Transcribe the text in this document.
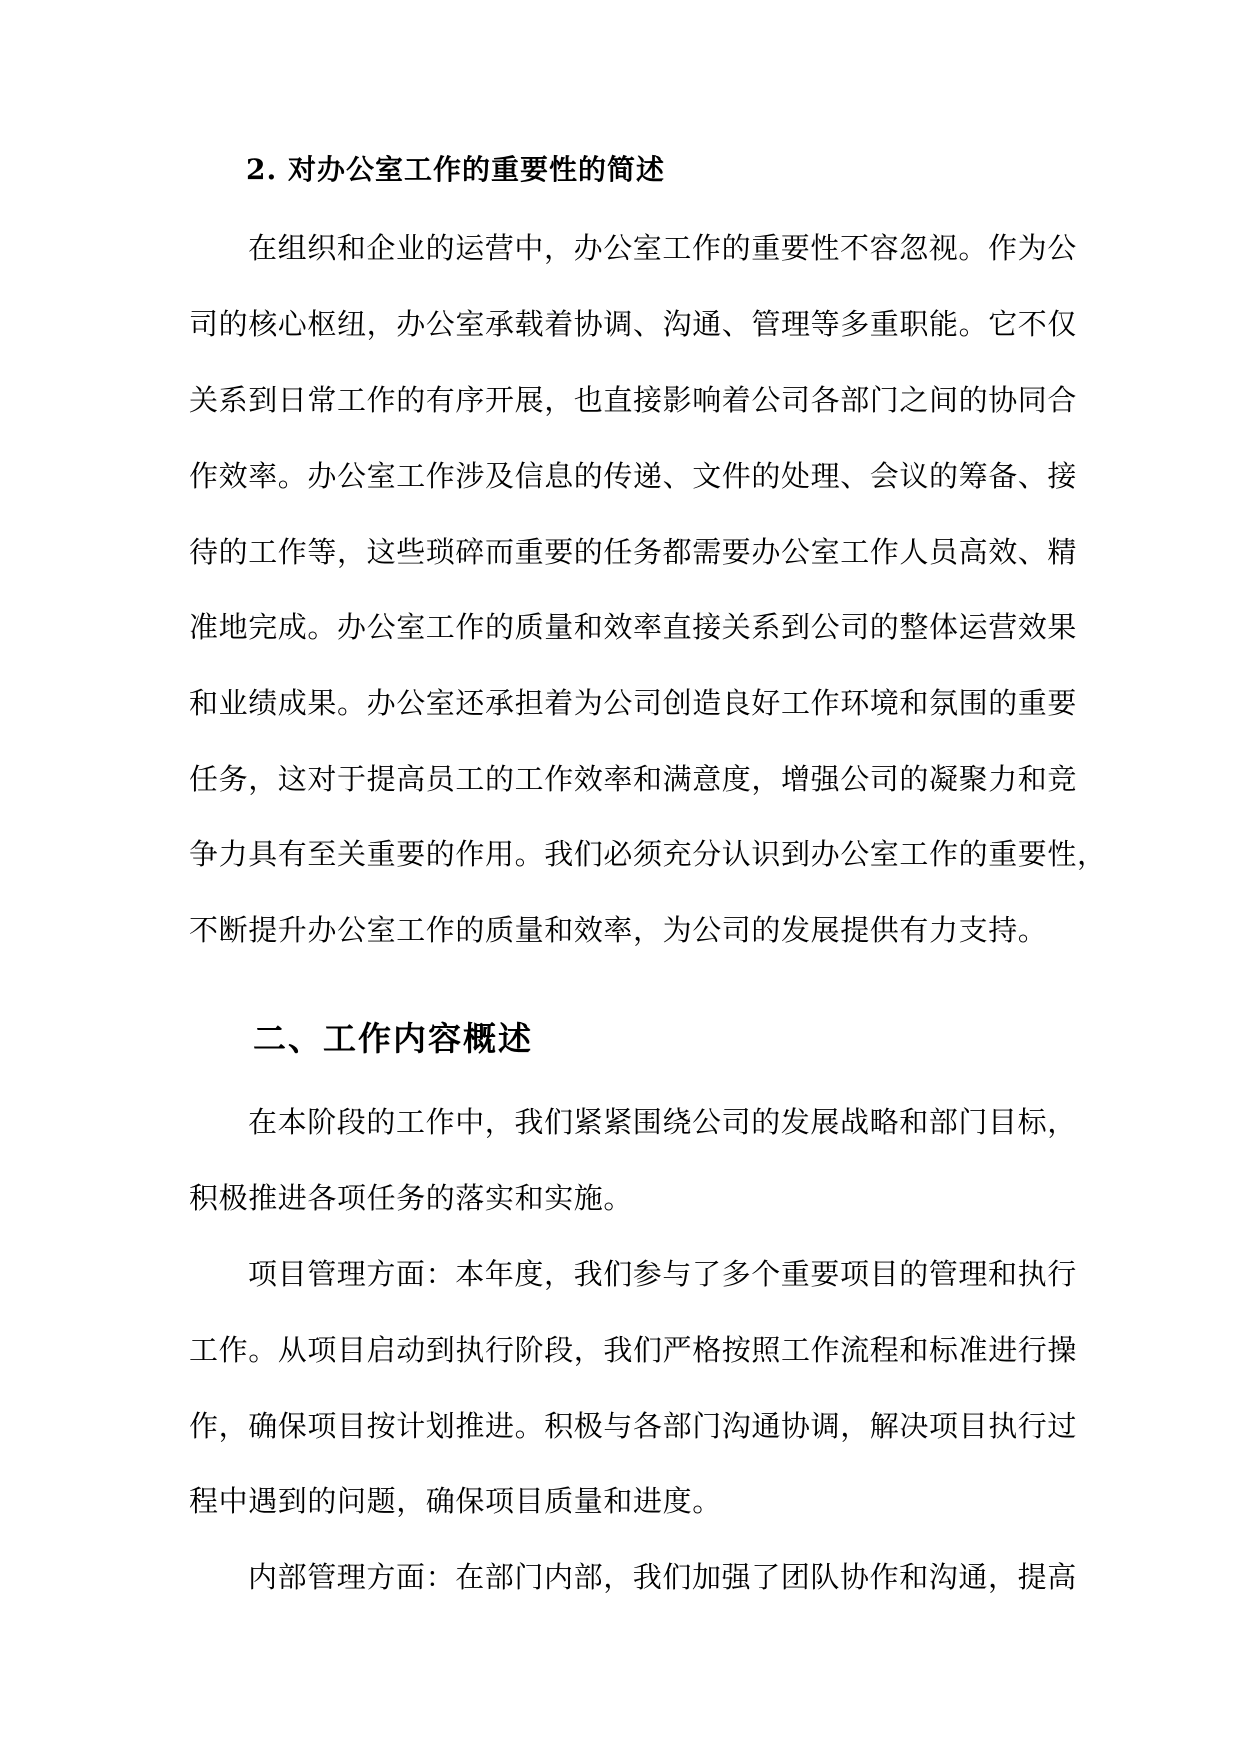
2. 对办公室工作的重要性的简述
在组织和企业的运营中，办公室工作的重要性不容忽视。作为公
司的核心枢纽，办公室承载着协调、沟通、管理等多重职能。它不仅
关系到日常工作的有序开展，也直接影响着公司各部门之间的协同合
作效率。办公室工作涉及信息的传递、文件的处理、会议的筹备、接
待的工作等，这些琐碎而重要的任务都需要办公室工作人员高效、精
准地完成。办公室工作的质量和效率直接关系到公司的整体运营效果
和业绩成果。办公室还承担着为公司创造良好工作环境和氛围的重要
任务，这对于提高员工的工作效率和满意度，增强公司的凝聚力和竞
争力具有至关重要的作用。我们必须充分认识到办公室工作的重要性，
不断提升办公室工作的质量和效率，为公司的发展提供有力支持。
二、工作内容概述
在本阶段的工作中，我们紧紧围绕公司的发展战略和部门目标，
积极推进各项任务的落实和实施。
项目管理方面：本年度，我们参与了多个重要项目的管理和执行
工作。从项目启动到执行阶段，我们严格按照工作流程和标准进行操
作，确保项目按计划推进。积极与各部门沟通协调，解决项目执行过
程中遇到的问题，确保项目质量和进度。
内部管理方面：在部门内部，我们加强了团队协作和沟通，提高
